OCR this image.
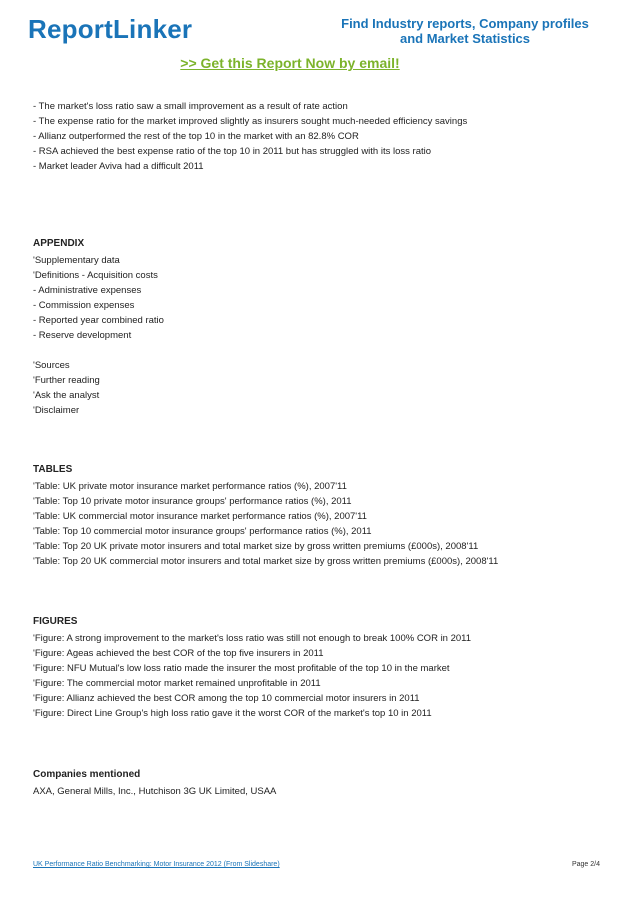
ReportLinker	Find Industry reports, Company profiles
and Market Statistics
>> Get this Report Now by email!
- The market's loss ratio saw a small improvement as a result of rate action
- The expense ratio for the market improved slightly as insurers sought much-needed efficiency savings
- Allianz outperformed the rest of the top 10 in the market with an 82.8% COR
- RSA achieved the best expense ratio of the top 10 in 2011 but has struggled with its loss ratio
- Market leader Aviva had a difficult 2011
APPENDIX
'Supplementary data
'Definitions - Acquisition costs
- Administrative expenses
- Commission expenses
- Reported year combined ratio
- Reserve development
'Sources
'Further reading
'Ask the analyst
'Disclaimer
TABLES
'Table: UK private motor insurance market performance ratios (%), 2007'11
'Table: Top 10 private motor insurance groups' performance ratios (%), 2011
'Table: UK commercial motor insurance market performance ratios (%), 2007'11
'Table: Top 10 commercial motor insurance groups' performance ratios (%), 2011
'Table: Top 20 UK private motor insurers and total market size by gross written premiums (£000s), 2008'11
'Table: Top 20 UK commercial motor insurers and total market size by gross written premiums (£000s), 2008'11
FIGURES
'Figure: A strong improvement to the market's loss ratio was still not enough to break 100% COR in 2011
'Figure: Ageas achieved the best COR of the top five insurers in 2011
'Figure: NFU Mutual's low loss ratio made the insurer the most profitable of the top 10 in the market
'Figure: The commercial motor market remained unprofitable in 2011
'Figure: Allianz achieved the best COR among the top 10 commercial motor insurers in 2011
'Figure: Direct Line Group's high loss ratio gave it the worst COR of the market's top 10 in 2011
Companies mentioned
AXA, General Mills, Inc., Hutchison 3G UK Limited, USAA
UK Performance Ratio Benchmarking: Motor Insurance 2012 (From Slideshare)	Page 2/4
